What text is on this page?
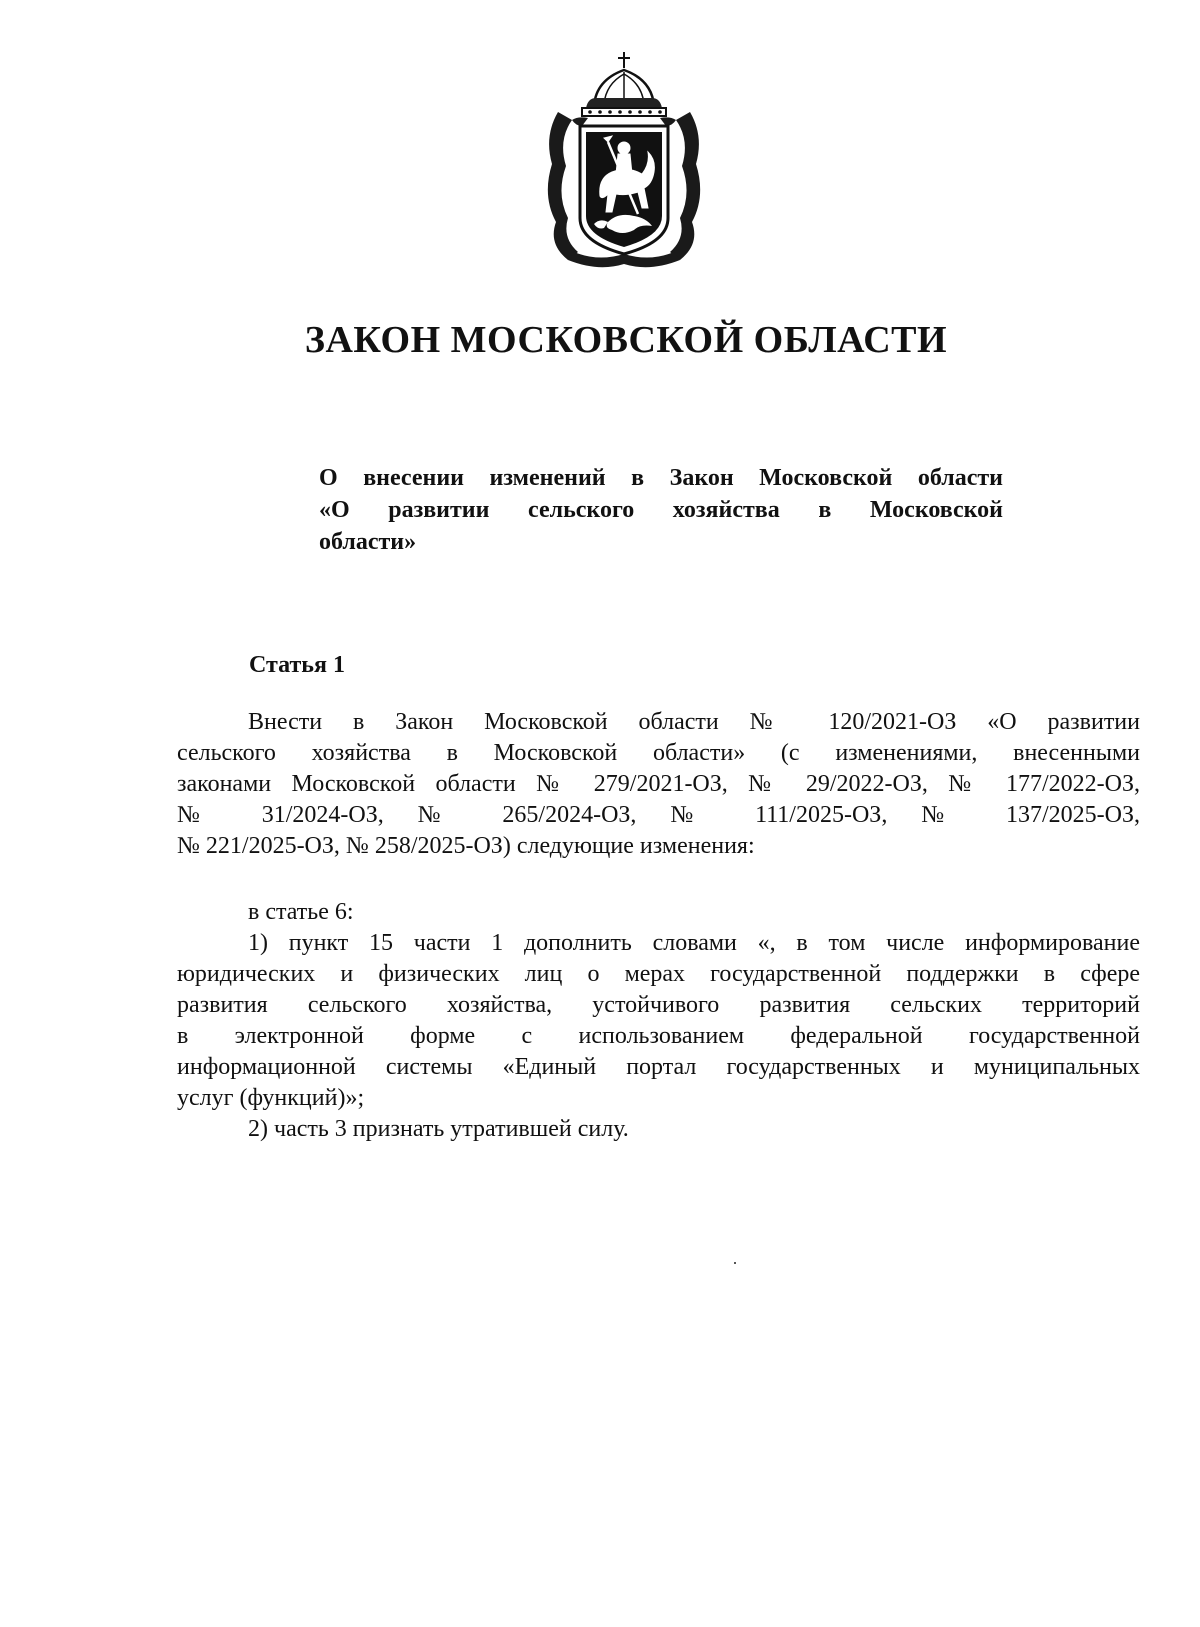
ЗАКОН МОСКОВСКОЙ ОБЛАСТИ
О внесении изменений в Закон Московской области
«О развитии сельского хозяйства в Московской
области»
Статья 1
Внести в Закон Московской области № 120/2021-ОЗ «О развитии
сельского хозяйства в Московской области» (с изменениями, внесенными
законами Московской области № 279/2021-ОЗ, № 29/2022-ОЗ, № 177/2022-ОЗ,
№ 31/2024-ОЗ, № 265/2024-ОЗ, № 111/2025-ОЗ, № 137/2025-ОЗ,
№ 221/2025-ОЗ, № 258/2025-ОЗ) следующие изменения:
в статье 6:
1) пункт 15 части 1 дополнить словами «, в том числе информирование
юридических и физических лиц о мерах государственной поддержки в сфере
развития сельского хозяйства, устойчивого развития сельских территорий
в электронной форме с использованием федеральной государственной
информационной системы «Единый портал государственных и муниципальных
услуг (функций)»;
2) часть 3 признать утратившей силу.
